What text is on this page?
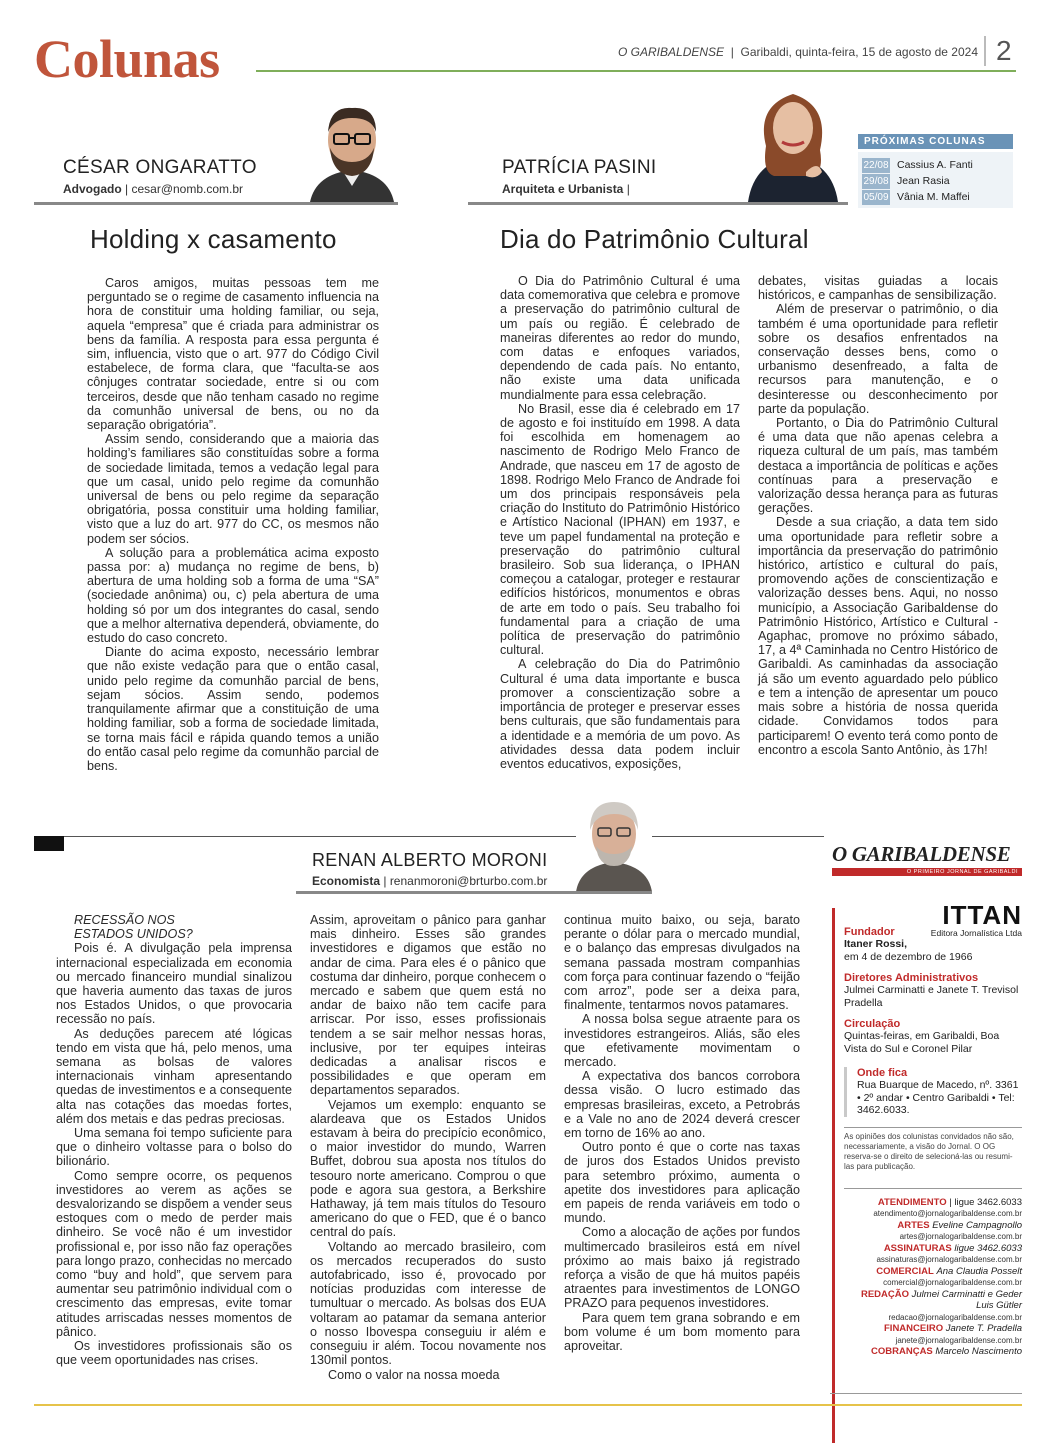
Colunas	O GARIBALDENSE  |  Garibaldi, quinta-feira, 15 de agosto de 2024 2
CÉSAR ONGARATTO
Advogado | cesar@nomb.com.br
Holding x casamento

Caros amigos, muitas pessoas tem me perguntado se o regime de casamento influencia na hora de constituir uma holding familiar, ou seja, aquela “empresa” que é criada para administrar os bens da família. A resposta para essa pergunta é sim, influencia, visto que o art. 977 do Código Civil estabelece, de forma clara, que “faculta-se aos cônjuges contratar sociedade, entre si ou com terceiros, desde que não tenham casado no regime da comunhão universal de bens, ou no da separação obrigatória”.

Assim sendo, considerando que a maioria das holding’s familiares são constituídas sobre a forma de sociedade limitada, temos a vedação legal para que um casal, unido pelo regime da comunhão universal de bens ou pelo regime da separação obrigatória, possa constituir uma holding familiar, visto que a luz do art. 977 do CC, os mesmos não podem ser sócios.

A solução para a problemática acima exposto passa por: a) mudança no regime de bens, b) abertura de uma holding sob a forma de uma “SA” (sociedade anônima) ou, c) pela abertura de uma holding só por um dos integrantes do casal, sendo que a melhor alternativa dependerá, obviamente, do estudo do caso concreto.

Diante do acima exposto, necessário lembrar que não existe vedação para que o então casal, unido pelo regime da comunhão parcial de bens, sejam sócios. Assim sendo, podemos tranquilamente afirmar que a constituição de uma holding familiar, sob a forma de sociedade limitada, se torna mais fácil e rápida quando temos a união do então casal pelo regime da comunhão parcial de bens.

PATRÍCIA PASINI
Arquiteta e Urbanista |
PRÓXIMAS COLUNAS
22/08 Cassius A. Fanti
29/08 Jean Rasia
05/09 Vânia M. Maffei
Dia do Patrimônio Cultural

O Dia do Patrimônio Cultural é uma data comemorativa que celebra e promove a preservação do patrimônio cultural de um país ou região. É celebrado de maneiras diferentes ao redor do mundo, com datas e enfoques variados, dependendo de cada país. No entanto, não existe uma data unificada mundialmente para essa celebração.

No Brasil, esse dia é celebrado em 17 de agosto e foi instituído em 1998. A data foi escolhida em homenagem ao nascimento de Rodrigo Melo Franco de Andrade, que nasceu em 17 de agosto de 1898. Rodrigo Melo Franco de Andrade foi um dos principais responsáveis pela criação do Instituto do Patrimônio Histórico e Artístico Nacional (IPHAN) em 1937, e teve um papel fundamental na proteção e preservação do patrimônio cultural brasileiro. Sob sua liderança, o IPHAN começou a catalogar, proteger e restaurar edifícios históricos, monumentos e obras de arte em todo o país. Seu trabalho foi fundamental para a criação de uma política de preservação do patrimônio cultural.

A celebração do Dia do Patrimônio Cultural é uma data importante e busca promover a conscientização sobre a importância de proteger e preservar esses bens culturais, que são fundamentais para a identidade e a memória de um povo. As atividades dessa data podem incluir eventos educativos, exposições,

debates, visitas guiadas a locais históricos, e campanhas de sensibilização.

Além de preservar o patrimônio, o dia também é uma oportunidade para refletir sobre os desafios enfrentados na conservação desses bens, como o urbanismo desenfreado, a falta de recursos para manutenção, e o desinteresse ou desconhecimento por parte da população.

Portanto, o Dia do Patrimônio Cultural é uma data que não apenas celebra a riqueza cultural de um país, mas também destaca a importância de políticas e ações contínuas para a preservação e valorização dessa herança para as futuras gerações.

Desde a sua criação, a data tem sido uma oportunidade para refletir sobre a importância da preservação do patrimônio histórico, artístico e cultural do país, promovendo ações de conscientização e valorização desses bens. Aqui, no nosso município, a Associação Garibaldense do Patrimônio Histórico, Artístico e Cultural - Agaphac, promove no próximo sábado, 17, a 4ª Caminhada no Centro Histórico de Garibaldi. As caminhadas da associação já são um evento aguardado pelo público e tem a intenção de apresentar um pouco mais sobre a história de nossa querida cidade. Convidamos todos para participarem! O evento terá como ponto de encontro a escola Santo Antônio, às 17h!

RENAN ALBERTO MORONI
Economista | renanmoroni@brturbo.com.br

RECESSÃO NOS ESTADOS UNIDOS?

Pois é. A divulgação pela imprensa internacional especializada em economia ou mercado financeiro mundial sinalizou que haveria aumento das taxas de juros nos Estados Unidos, o que provocaria recessão no país.

As deduções parecem até lógicas tendo em vista que há, pelo menos, uma semana as bolsas de valores internacionais vinham apresentando quedas de investimentos e a consequente alta nas cotações das moedas fortes, além dos metais e das pedras preciosas.

Uma semana foi tempo suficiente para que o dinheiro voltasse para o bolso do bilionário.

Como sempre ocorre, os pequenos investidores ao verem as ações se desvalorizando se dispõem a vender seus estoques com o medo de perder mais dinheiro. Se você não é um investidor profissional e, por isso não faz operações para longo prazo, conhecidas no mercado como “buy and hold”, que servem para aumentar seu patrimônio individual com o crescimento das empresas, evite tomar atitudes arriscadas nesses momentos de pânico.

Os investidores profissionais são os que veem oportunidades nas crises.

Assim, aproveitam o pânico para ganhar mais dinheiro. Esses são grandes investidores e digamos que estão no andar de cima. Para eles é o pânico que costuma dar dinheiro, porque conhecem o mercado e sabem que quem está no andar de baixo não tem cacife para arriscar. Por isso, esses profissionais tendem a se sair melhor nessas horas, inclusive, por ter equipes inteiras dedicadas a analisar riscos e possibilidades e que operam em departamentos separados.

Vejamos um exemplo: enquanto se alardeava que os Estados Unidos estavam à beira do precipício econômico, o maior investidor do mundo, Warren Buffet, dobrou sua aposta nos títulos do tesouro norte americano. Comprou o que pode e agora sua gestora, a Berkshire Hathaway, já tem mais títulos do Tesouro americano do que o FED, que é o banco central do país.

Voltando ao mercado brasileiro, com os mercados recuperados do susto autofabricado, isso é, provocado por notícias produzidas com interesse de tumultuar o mercado. As bolsas dos EUA voltaram ao patamar da semana anterior o nosso Ibovespa conseguiu ir além e conseguiu ir além. Tocou novamente nos 130mil pontos.

Como o valor na nossa moeda

continua muito baixo, ou seja, barato perante o dólar para o mercado mundial, e o balanço das empresas divulgados na semana passada mostram companhias com força para continuar fazendo o “feijão com arroz”, pode ser a deixa para, finalmente, tentarmos novos patamares.

A nossa bolsa segue atraente para os investidores estrangeiros. Aliás, são eles que efetivamente movimentam o mercado.

A expectativa dos bancos corrobora dessa visão. O lucro estimado das empresas brasileiras, exceto, a Petrobrás e a Vale no ano de 2024 deverá crescer em torno de 16% ao ano.

Outro ponto é que o corte nas taxas de juros dos Estados Unidos previsto para setembro próximo, aumenta o apetite dos investidores para aplicação em papeis de renda variáveis em todo o mundo.

Como a alocação de ações por fundos multimercado brasileiros está em nível próximo ao mais baixo já registrado reforça a visão de que há muitos papéis atraentes para investimentos de LONGO PRAZO para pequenos investidores.

Para quem tem grana sobrando e em bom volume é um bom momento para aproveitar.

O GARIBALDENSE
O PRIMEIRO JORNAL DE GARIBALDI
ITTAN
Editora Jornalística Ltda
Fundador
Itaner Rossi,
em 4 de dezembro de 1966
Diretores Administrativos
Julmei Carminatti e Janete T. Trevisol Pradella
Circulação
Quintas-feiras, em Garibaldi, Boa Vista do Sul e Coronel Pilar
Onde fica
Rua Buarque de Macedo, nº. 3361 • 2º andar • Centro Garibaldi • Tel: 3462.6033.
As opiniões dos colunistas convidados não são, necessariamente, a visão do Jornal. O OG reserva-se o direito de selecioná-las ou resumi-las para publicação.
ATENDIMENTO | ligue 3462.6033
atendimento@jornalogaribaldense.com.br
ARTES Eveline Campagnollo
artes@jornalogaribaldense.com.br
ASSINATURAS ligue 3462.6033
assinaturas@jornalogaribaldense.com.br
COMERCIAL Ana Claudia Posselt
comercial@jornalogaribaldense.com.br
REDAÇÃO Julmei Carminatti e Geder Luis Gütler
redacao@jornalogaribaldense.com.br
FINANCEIRO Janete T. Pradella
janete@jornalogaribaldense.com.br
COBRANÇAS Marcelo Nascimento
